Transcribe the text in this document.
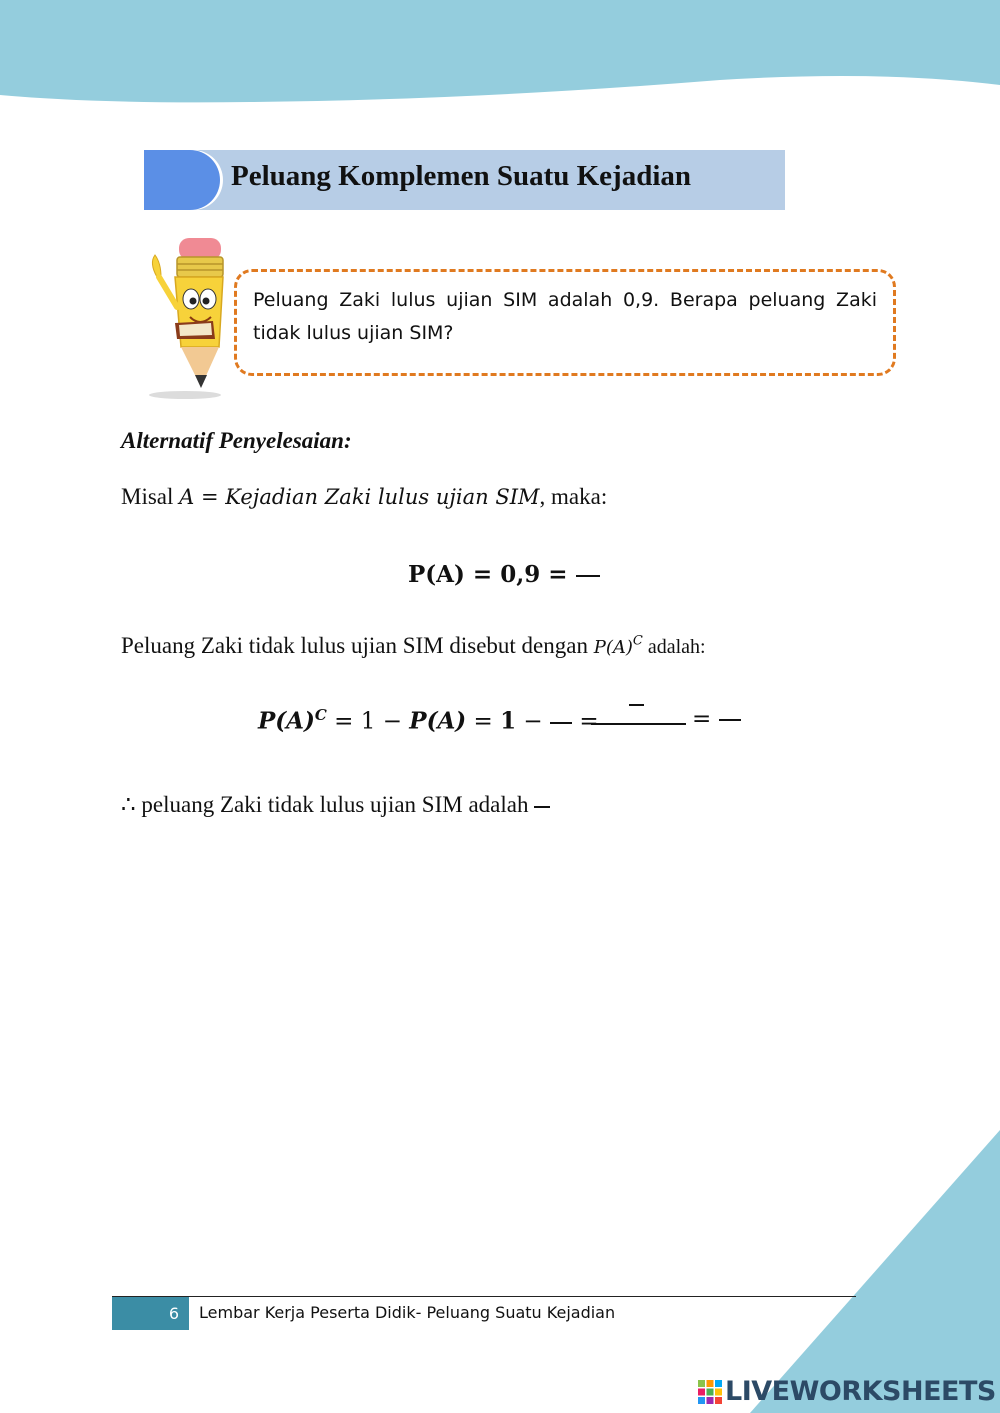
Peluang Komplemen Suatu Kejadian
Peluang Zaki lulus ujian SIM adalah 0,9. Berapa peluang Zaki tidak lulus ujian SIM?
Alternatif Penyelesaian:
Misal A = Kejadian Zaki lulus ujian SIM, maka:
P(A) = 0,9 =
Peluang Zaki tidak lulus ujian SIM disebut dengan $P(A)^C$ adalah:
$P(A)^C = 1 - P(A) = 1$ −  =	=
∴ peluang Zaki tidak lulus ujian SIM adalah
6	Lembar Kerja Peserta Didik- Peluang Suatu Kejadian
LIVEWORKSHEETS
